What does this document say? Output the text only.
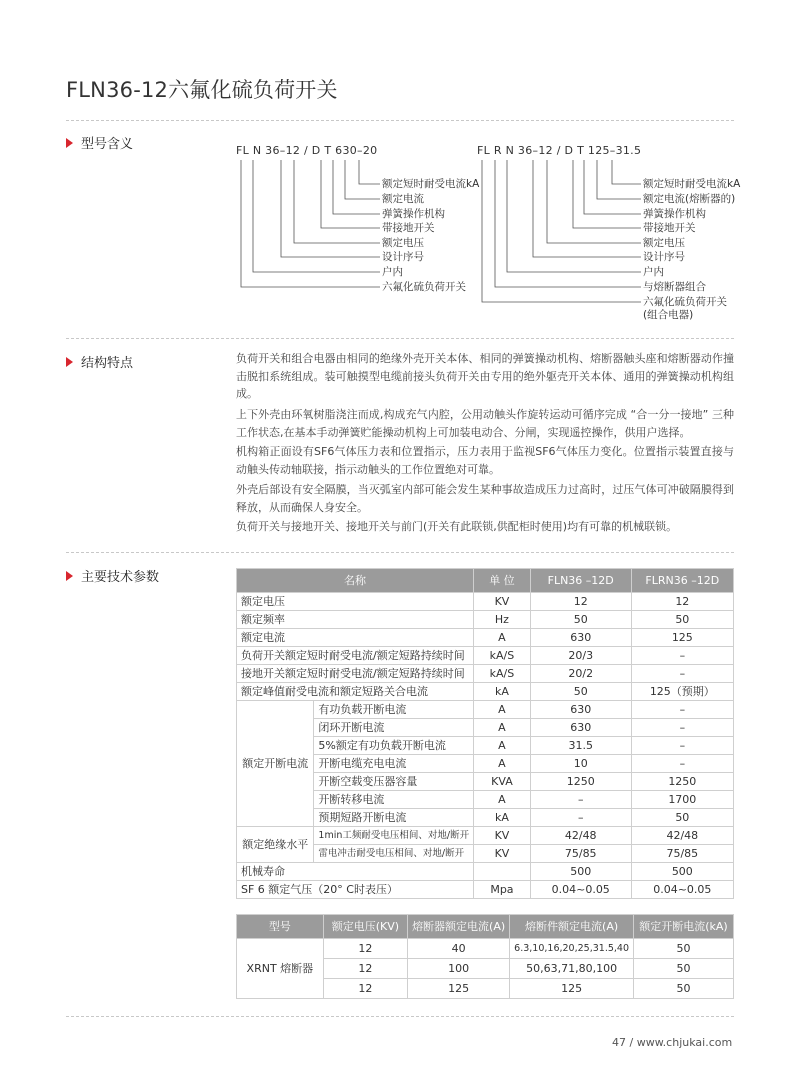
FLN36-12六氟化硫负荷开关
型号含义	FL N 36–12 / D T 630–20
额定短时耐受电流kA
额定电流
弹簧操作机构
带接地开关
额定电压
设计序号
户内
六氟化硫负荷开关
FL R N 36–12 / D T 125–31.5
额定短时耐受电流kA
额定电流(熔断器的)
弹簧操作机构
带接地开关
额定电压
设计序号
户内
与熔断器组合
六氟化硫负荷开关
(组合电器)
结构特点	负荷开关和组合电器由相同的绝缘外壳开关本体、相同的弹簧操动机构、熔断器触头座和熔断器动作撞击脱扣系统组成。装可触摸型电缆前接头负荷开关由专用的绝外躯壳开关本体、通用的弹簧操动机构组成。
上下外壳由环氧树脂浇注而成,构成充气内腔，公用动触头作旋转运动可循序完成 “合一分一接地” 三种工作状态,在基本手动弹簧贮能操动机构上可加装电动合、分闸，实现遥控操作，供用户选择。
机构箱正面设有SF6气体压力表和位置指示，压力表用于监视SF6气体压力变化。位置指示装置直接与动触头传动轴联接，指示动触头的工作位置绝对可靠。
外壳后部设有安全隔膜，当灭弧室内部可能会发生某种事故造成压力过高时，过压气体可冲破隔膜得到释放，从而确保人身安全。
负荷开关与接地开关、接地开关与前门(开关有此联锁,供配柜时使用)均有可靠的机械联锁。
主要技术参数	名称		单 位	FLN36 –12D	FLRN36 –12D
额定电压		KV	12	12
额定频率		Hz	50	50
额定电流		A	630	125
负荷开关额定短时耐受电流/额定短路持续时间		kA/S	20/3	–
接地开关额定短时耐受电流/额定短路持续时间		kA/S	20/2	–
额定峰值耐受电流和额定短路关合电流		kA	50	125（预期）
额定开断电流	有功负载开断电流	A	630	–
	闭环开断电流	A	630	–
	5%额定有功负载开断电流	A	31.5	–
	开断电缆充电电流	A	10	–
	开断空载变压器容量	KVA	1250	1250
	开断转移电流	A	–	1700
	预期短路开断电流	kA	–	50
额定绝缘水平	1min工频耐受电压相间、对地/断开	KV	42/48	42/48
	雷电冲击耐受电压相间、对地/断开	KV	75/85	75/85
机械寿命			500	500
SF 6 额定气压（20° C时表压）		Mpa	0.04~0.05	0.04~0.05
型号	额定电压(KV)	熔断器额定电流(A)	熔断件额定电流(A)	额定开断电流(kA)
XRNT 熔断器	12	40	6.3,10,16,20,25,31.5,40	50
	12	100	50,63,71,80,100	50
	12	125	125	50
47 / www.chjukai.com
